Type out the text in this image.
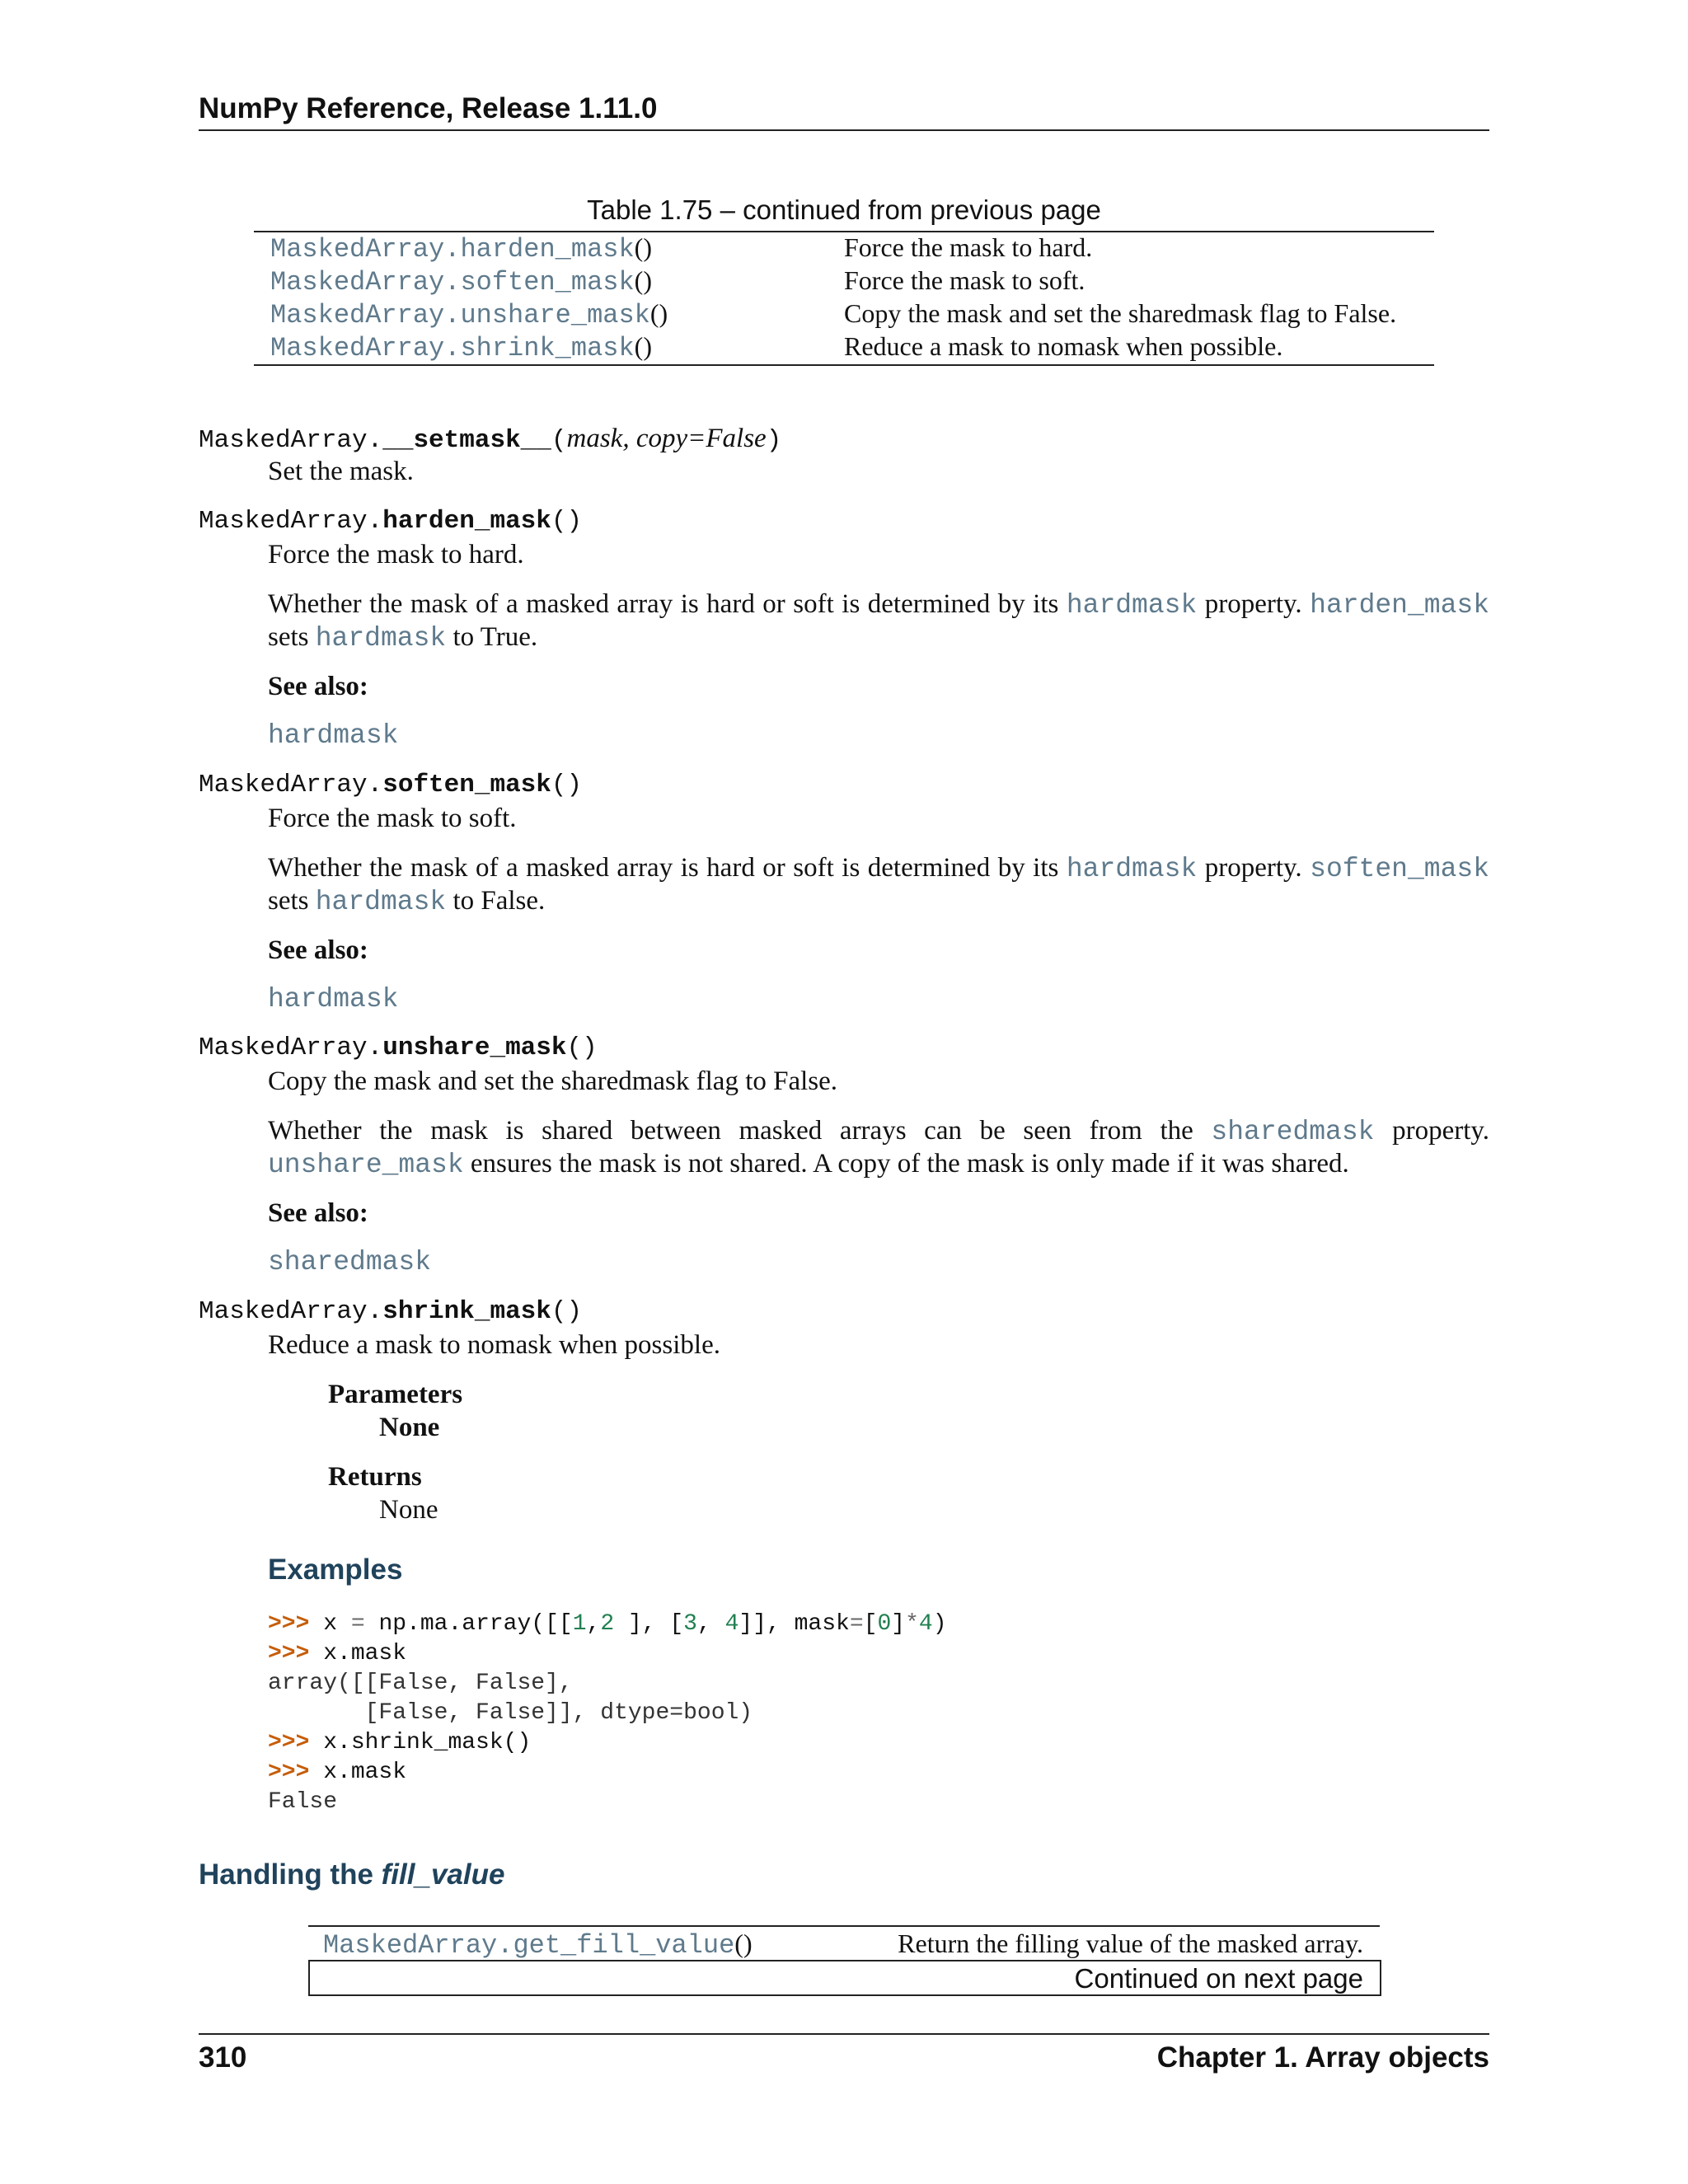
NumPy Reference, Release 1.11.0
Table 1.75 – continued from previous page
MaskedArray.harden_mask()	Force the mask to hard.
MaskedArray.soften_mask()	Force the mask to soft.
MaskedArray.unshare_mask()	Copy the mask and set the sharedmask flag to False.
MaskedArray.shrink_mask()	Reduce a mask to nomask when possible.
MaskedArray.__setmask__(mask, copy=False)
Set the mask.
MaskedArray.harden_mask()
Force the mask to hard.
Whether the mask of a masked array is hard or soft is determined by its hardmask property. harden_mask
sets hardmask to True.
See also:
hardmask
MaskedArray.soften_mask()
Force the mask to soft.
Whether the mask of a masked array is hard or soft is determined by its hardmask property. soften_mask
sets hardmask to False.
See also:
hardmask
MaskedArray.unshare_mask()
Copy the mask and set the sharedmask flag to False.
Whether the mask is shared between masked arrays can be seen from the sharedmask property.
unshare_mask ensures the mask is not shared. A copy of the mask is only made if it was shared.
See also:
sharedmask
MaskedArray.shrink_mask()
Reduce a mask to nomask when possible.
Parameters
None
Returns
None
Examples
>>> x = np.ma.array([[1,2 ], [3, 4]], mask=[0]*4)
>>> x.mask
array([[False, False],
[False, False]], dtype=bool)
>>> x.shrink_mask()
>>> x.mask
False
Handling the fill_value
MaskedArray.get_fill_value()	Return the filling value of the masked array.
Continued on next page
310	Chapter 1. Array objects
